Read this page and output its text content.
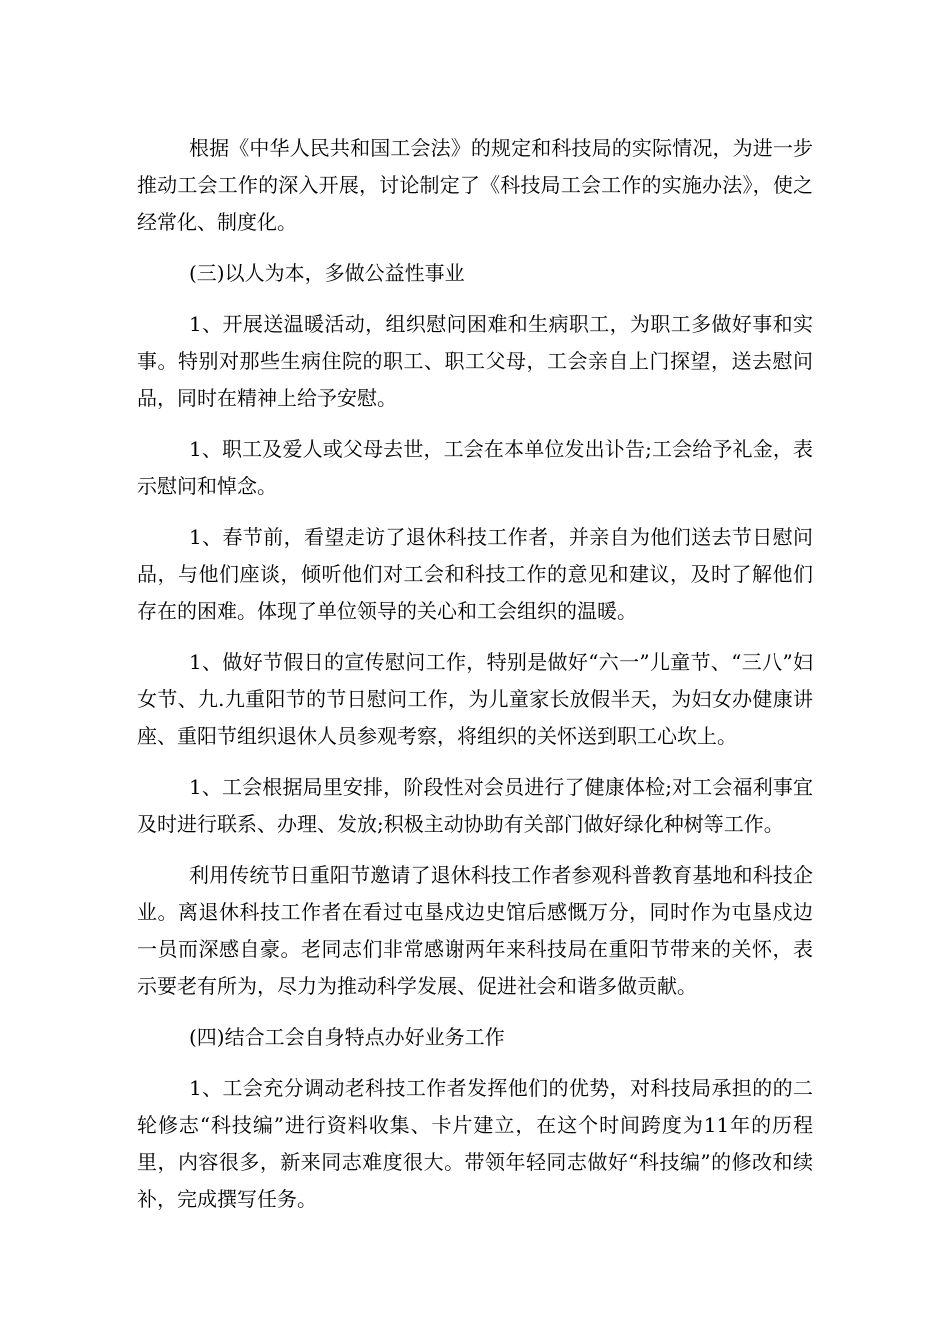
根据《中华人民共和国工会法》的规定和科技局的实际情况，为进一步推动工会工作的深入开展，讨论制定了《科技局工会工作的实施办法》，使之经常化、制度化。

(三)以人为本，多做公益性事业

1、开展送温暖活动，组织慰问困难和生病职工，为职工多做好事和实事。特别对那些生病住院的职工、职工父母，工会亲自上门探望，送去慰问品，同时在精神上给予安慰。

1、职工及爱人或父母去世，工会在本单位发出讣告;工会给予礼金，表示慰问和悼念。

1、春节前，看望走访了退休科技工作者，并亲自为他们送去节日慰问品，与他们座谈，倾听他们对工会和科技工作的意见和建议，及时了解他们存在的困难。体现了单位领导的关心和工会组织的温暖。

1、做好节假日的宣传慰问工作，特别是做好“六一”儿童节、“三八”妇女节、九.九重阳节的节日慰问工作，为儿童家长放假半天，为妇女办健康讲座、重阳节组织退休人员参观考察，将组织的关怀送到职工心坎上。

1、工会根据局里安排，阶段性对会员进行了健康体检;对工会福利事宜及时进行联系、办理、发放;积极主动协助有关部门做好绿化种树等工作。

利用传统节日重阳节邀请了退休科技工作者参观科普教育基地和科技企业。离退休科技工作者在看过屯垦戍边史馆后感慨万分，同时作为屯垦戍边一员而深感自豪。老同志们非常感谢两年来科技局在重阳节带来的关怀，表示要老有所为，尽力为推动科学发展、促进社会和谐多做贡献。

(四)结合工会自身特点办好业务工作

1、工会充分调动老科技工作者发挥他们的优势，对科技局承担的的二轮修志“科技编”进行资料收集、卡片建立，在这个时间跨度为11年的历程里，内容很多，新来同志难度很大。带领年轻同志做好“科技编”的修改和续补，完成撰写任务。
